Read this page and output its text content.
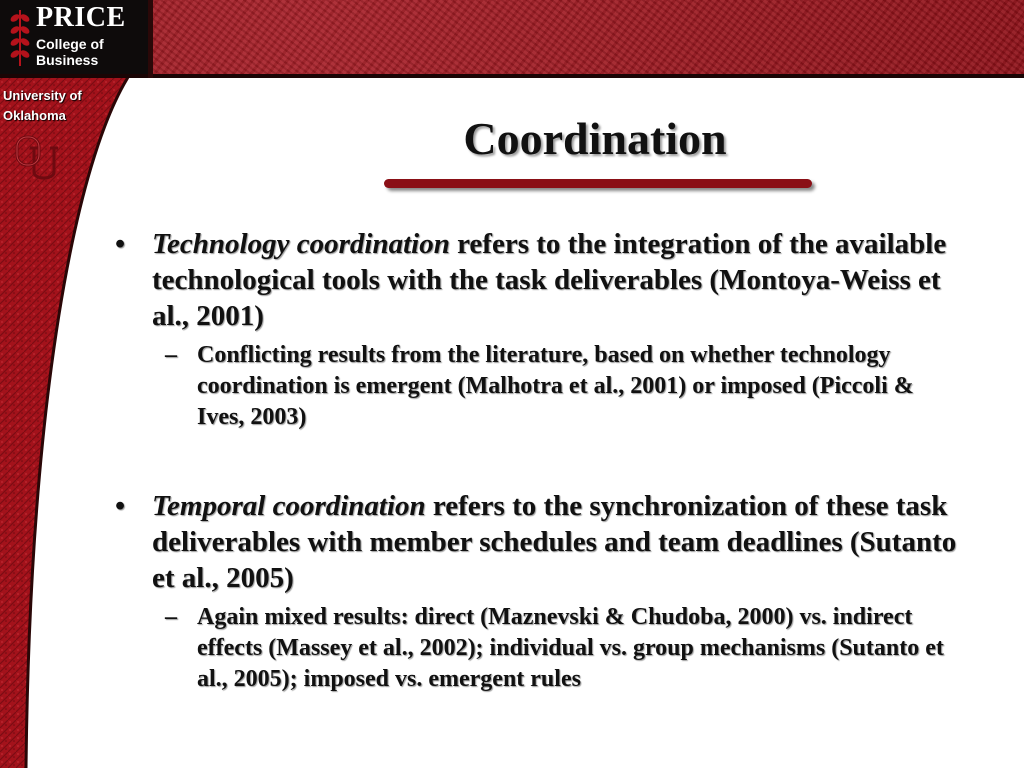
PRICE
College of Business
University of Oklahoma	Coordination
• Technology coordination refers to the integration of the available technological tools with the task deliverables (Montoya-Weiss et al., 2001)
– Conflicting results from the literature, based on whether technology coordination is emergent (Malhotra et al., 2001) or imposed (Piccoli & Ives, 2003)
• Temporal coordination refers to the synchronization of these task deliverables with member schedules and team deadlines (Sutanto et al., 2005)
– Again mixed results: direct (Maznevski & Chudoba, 2000) vs. indirect effects (Massey et al., 2002); individual vs. group mechanisms (Sutanto et al., 2005); imposed vs. emergent rules
